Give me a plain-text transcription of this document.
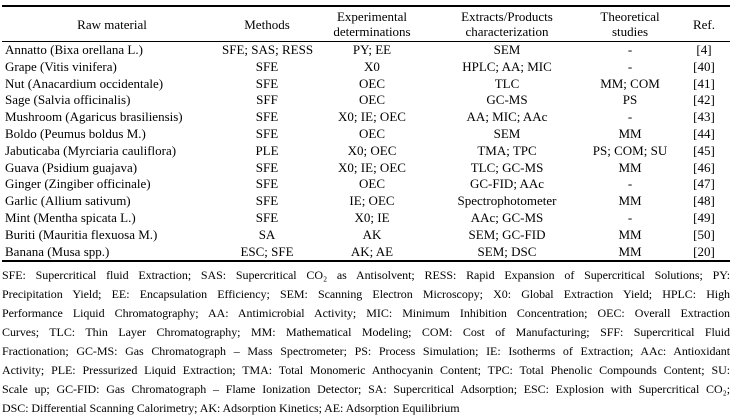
Raw material	Methods	Experimental determinations	Extracts/Products characterization	Theoretical studies	Ref.
Annatto (Bixa orellana L.)	SFE; SAS; RESS	PY; EE	SEM	-	[4]
Grape (Vitis vinifera)	SFE	X0	HPLC; AA; MIC	-	[40]
Nut (Anacardium occidentale)	SFE	OEC	TLC	MM; COM	[41]
Sage (Salvia officinalis)	SFF	OEC	GC-MS	PS	[42]
Mushroom (Agaricus brasiliensis)	SFE	X0; IE; OEC	AA; MIC; AAc	-	[43]
Boldo (Peumus boldus M.)	SFE	OEC	SEM	MM	[44]
Jabuticaba (Myrciaria cauliflora)	PLE	X0; OEC	TMA; TPC	PS; COM; SU	[45]
Guava (Psidium guajava)	SFE	X0; IE; OEC	TLC; GC-MS	MM	[46]
Ginger (Zingiber officinale)	SFE	OEC	GC-FID; AAc	-	[47]
Garlic (Allium sativum)	SFE	IE; OEC	Spectrophotometer	MM	[48]
Mint (Mentha spicata L.)	SFE	X0; IE	AAc; GC-MS	-	[49]
Buriti (Mauritia flexuosa M.)	SA	AK	SEM; GC-FID	MM	[50]
Banana (Musa spp.)	ESC; SFE	AK; AE	SEM; DSC	MM	[20]
SFE: Supercritical fluid Extraction; SAS: Supercritical CO₂ as Antisolvent; RESS: Rapid Expansion of Supercritical Solutions; PY:
Precipitation Yield; EE: Encapsulation Efficiency; SEM: Scanning Electron Microscopy; X0: Global Extraction Yield; HPLC: High
Performance Liquid Chromatography; AA: Antimicrobial Activity; MIC: Minimum Inhibition Concentration; OEC: Overall Extraction
Curves; TLC: Thin Layer Chromatography; MM: Mathematical Modeling; COM: Cost of Manufacturing; SFF: Supercritical Fluid
Fractionation; GC-MS: Gas Chromatograph – Mass Spectrometer; PS: Process Simulation; IE: Isotherms of Extraction; AAc: Antioxidant
Activity; PLE: Pressurized Liquid Extraction; TMA: Total Monomeric Anthocyanin Content; TPC: Total Phenolic Compounds Content; SU:
Scale up; GC-FID: Gas Chromatograph – Flame Ionization Detector; SA: Supercritical Adsorption; ESC: Explosion with Supercritical CO₂;
DSC: Differential Scanning Calorimetry; AK: Adsorption Kinetics; AE: Adsorption Equilibrium
